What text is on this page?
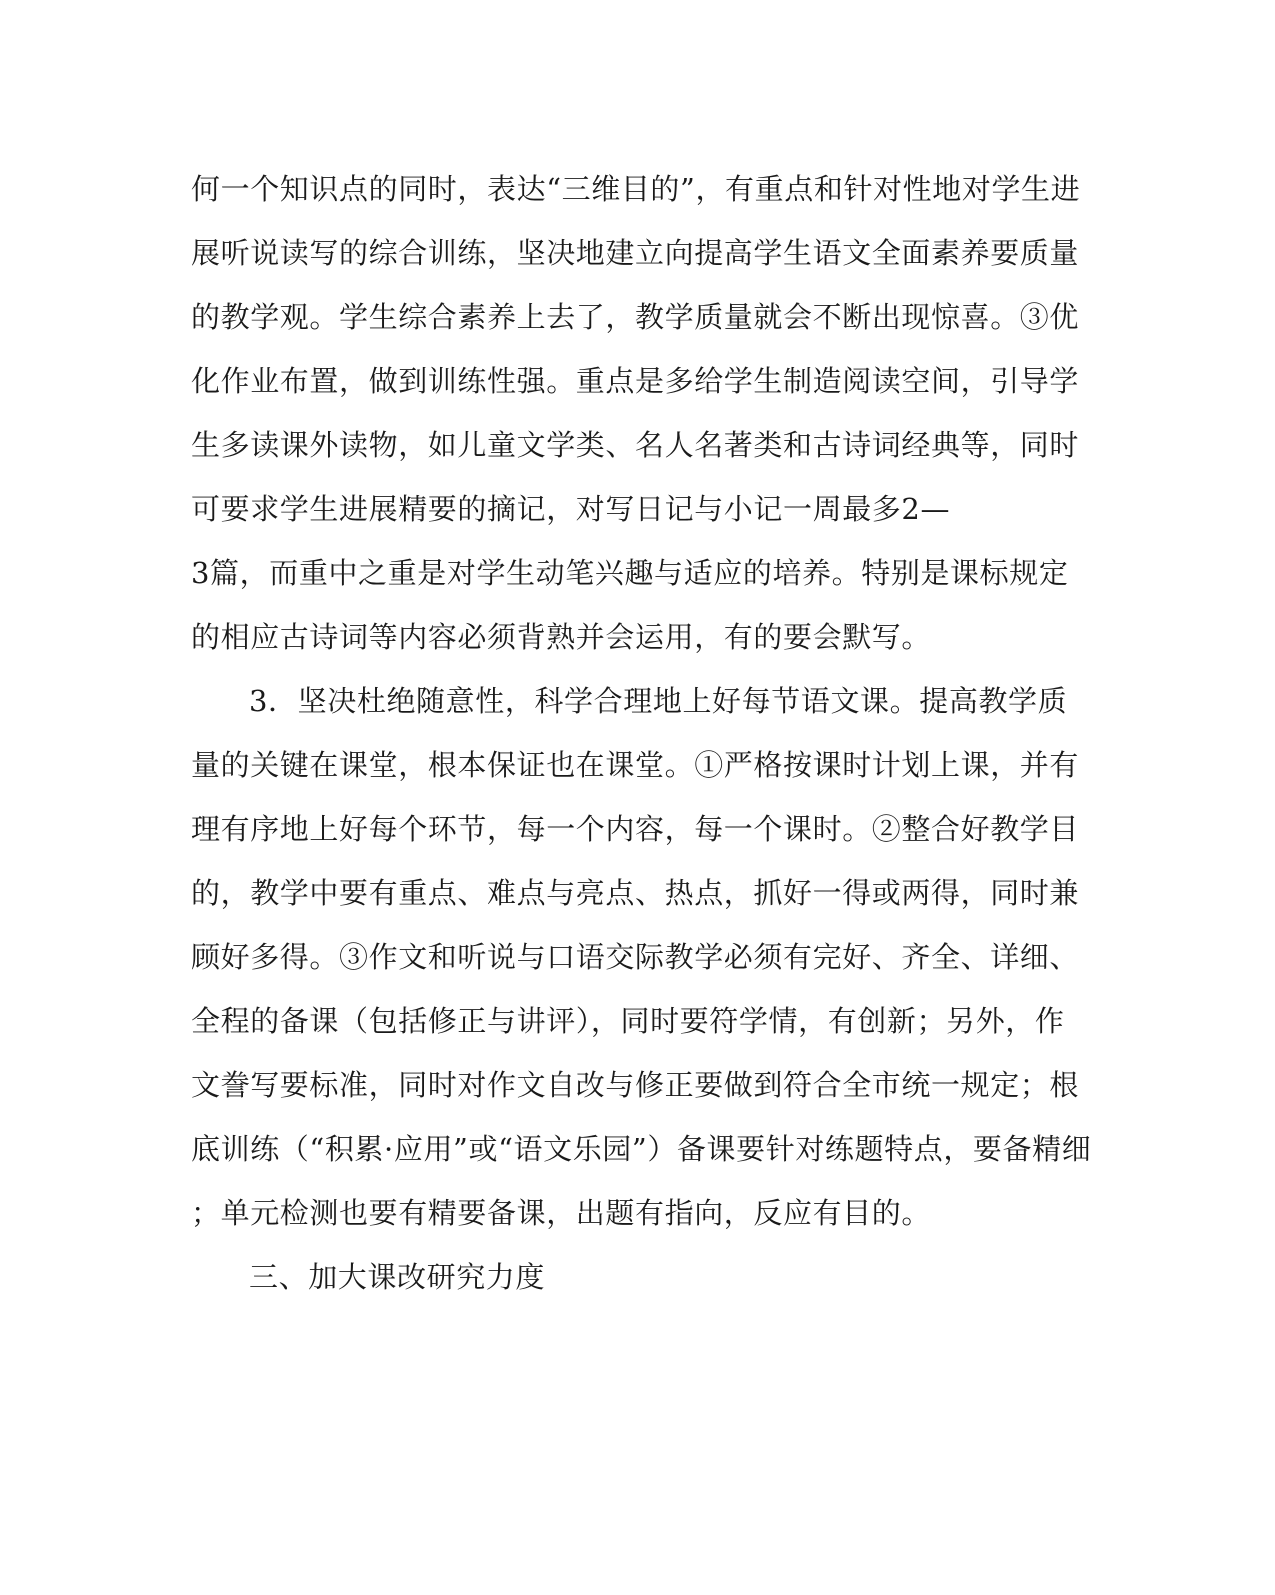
何一个知识点的同时，表达“三维目的”，有重点和针对性地对学生进
展听说读写的综合训练，坚决地建立向提高学生语文全面素养要质量
的教学观。学生综合素养上去了，教学质量就会不断出现惊喜。③优
化作业布置，做到训练性强。重点是多给学生制造阅读空间，引导学
生多读课外读物，如儿童文学类、名人名著类和古诗词经典等，同时
可要求学生进展精要的摘记，对写日记与小记一周最多2—
3篇，而重中之重是对学生动笔兴趣与适应的培养。特别是课标规定
的相应古诗词等内容必须背熟并会运用，有的要会默写。
3．坚决杜绝随意性，科学合理地上好每节语文课。提高教学质
量的关键在课堂，根本保证也在课堂。①严格按课时计划上课，并有
理有序地上好每个环节，每一个内容，每一个课时。②整合好教学目
的，教学中要有重点、难点与亮点、热点，抓好一得或两得，同时兼
顾好多得。③作文和听说与口语交际教学必须有完好、齐全、详细、
全程的备课（包括修正与讲评），同时要符学情，有创新；另外，作
文誊写要标准，同时对作文自改与修正要做到符合全市统一规定；根
底训练（“积累·应用”或“语文乐园”）备课要针对练题特点，要备精细
；单元检测也要有精要备课，出题有指向，反应有目的。
三、加大课改研究力度
